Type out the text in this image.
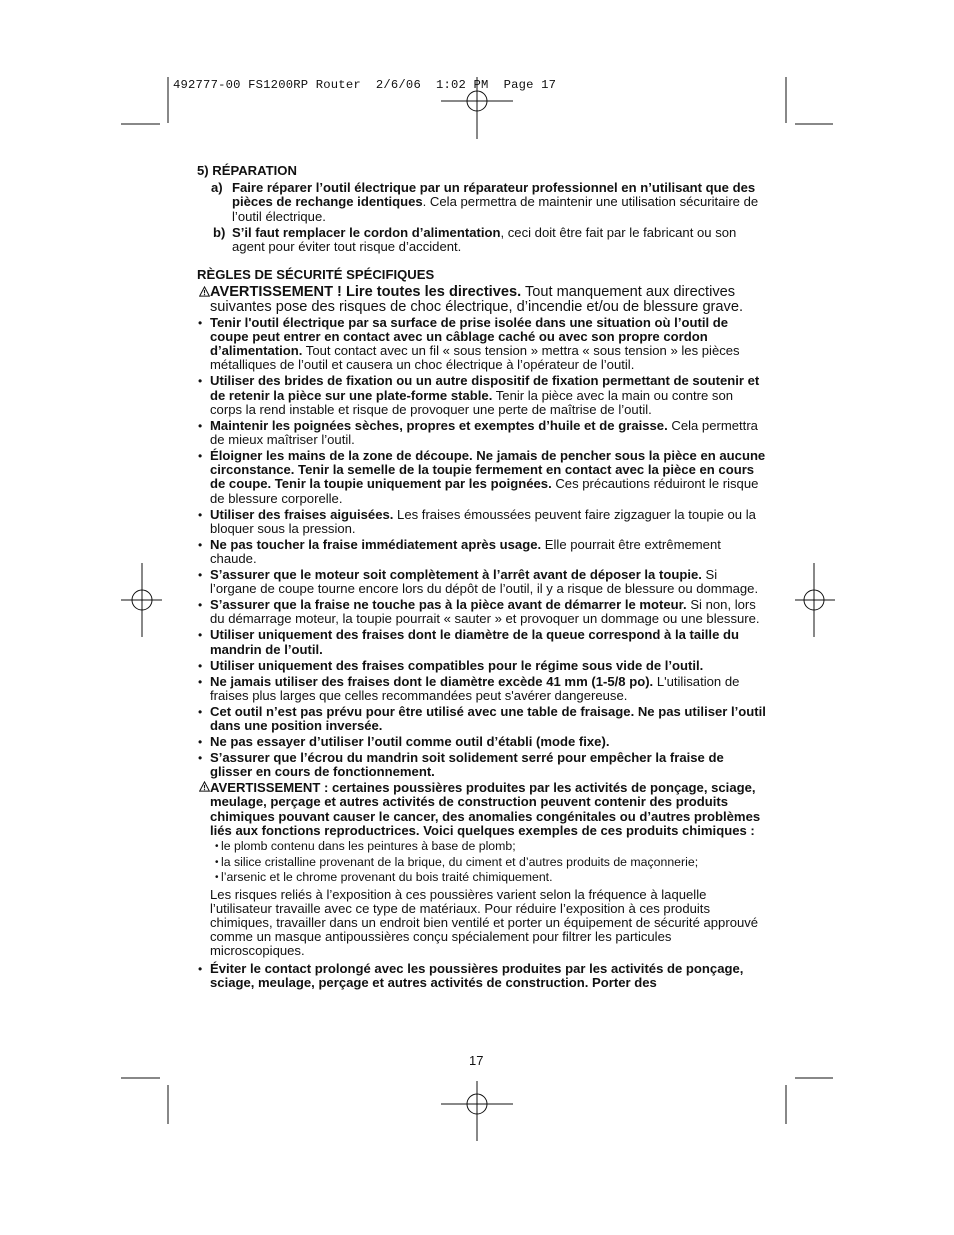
492777-00 FS1200RP Router  2/6/06  1:02 PM  Page 17

5) RÉPARATION
a) Faire réparer l’outil électrique par un réparateur professionnel en n’utilisant que des pièces de rechange identiques. Cela permettra de maintenir une utilisation sécuritaire de l’outil électrique.
b) S’il faut remplacer le cordon d’alimentation, ceci doit être fait par le fabricant ou son agent pour éviter tout risque d’accident.
RÈGLES DE SÉCURITÉ SPÉCIFIQUES
AVERTISSEMENT ! Lire toutes les directives. Tout manquement aux directives suivantes pose des risques de choc électrique, d’incendie et/ou de blessure grave.
• Tenir l'outil électrique par sa surface de prise isolée dans une situation où l’outil de coupe peut entrer en contact avec un câblage caché ou avec son propre cordon d’alimentation. Tout contact avec un fil « sous tension » mettra « sous tension » les pièces métalliques de l’outil et causera un choc électrique à l’opérateur de l’outil.
• Utiliser des brides de fixation ou un autre dispositif de fixation permettant de soutenir et de retenir la pièce sur une plate-forme stable. Tenir la pièce avec la main ou contre son corps la rend instable et risque de provoquer une perte de maîtrise de l’outil.
• Maintenir les poignées sèches, propres et exemptes d’huile et de graisse. Cela permettra de mieux maîtriser l’outil.
• Éloigner les mains de la zone de découpe. Ne jamais de pencher sous la pièce en aucune circonstance. Tenir la semelle de la toupie fermement en contact avec la pièce en cours de coupe. Tenir la toupie uniquement par les poignées. Ces précautions réduiront le risque de blessure corporelle.
• Utiliser des fraises aiguisées. Les fraises émoussées peuvent faire zigzaguer la toupie ou la bloquer sous la pression.
• Ne pas toucher la fraise immédiatement après usage. Elle pourrait être extrêmement chaude.
• S’assurer que le moteur soit complètement à l’arrêt avant de déposer la toupie. Si l’organe de coupe tourne encore lors du dépôt de l’outil, il y a risque de blessure ou dommage.
• S’assurer que la fraise ne touche pas à la pièce avant de démarrer le moteur. Si non, lors du démarrage moteur, la toupie pourrait « sauter » et provoquer un dommage ou une blessure.
• Utiliser uniquement des fraises dont le diamètre de la queue correspond à la taille du mandrin de l’outil.
• Utiliser uniquement des fraises compatibles pour le régime sous vide de l’outil.
• Ne jamais utiliser des fraises dont le diamètre excède 41 mm (1-5/8 po). L'utilisation de fraises plus larges que celles recommandées peut s'avérer dangereuse.
• Cet outil n’est pas prévu pour être utilisé avec une table de fraisage. Ne pas utiliser l’outil dans une position inversée.
• Ne pas essayer d’utiliser l’outil comme outil d’établi (mode fixe).
• S’assurer que l’écrou du mandrin soit solidement serré pour empêcher la fraise de glisser en cours de fonctionnement.
AVERTISSEMENT : certaines poussières produites par les activités de ponçage, sciage, meulage, perçage et autres activités de construction peuvent contenir des produits chimiques pouvant causer le cancer, des anomalies congénitales ou d’autres problèmes liés aux fonctions reproductrices. Voici quelques exemples de ces produits chimiques :
• le plomb contenu dans les peintures à base de plomb;
• la silice cristalline provenant de la brique, du ciment et d’autres produits de maçonnerie;
• l’arsenic et le chrome provenant du bois traité chimiquement.
Les risques reliés à l’exposition à ces poussières varient selon la fréquence à laquelle l’utilisateur travaille avec ce type de matériaux. Pour réduire l’exposition à ces produits chimiques, travailler dans un endroit bien ventilé et porter un équipement de sécurité approuvé comme un masque antipoussières conçu spécialement pour filtrer les particules microscopiques.
• Éviter le contact prolongé avec les poussières produites par les activités de ponçage, sciage, meulage, perçage et autres activités de construction. Porter des
17
